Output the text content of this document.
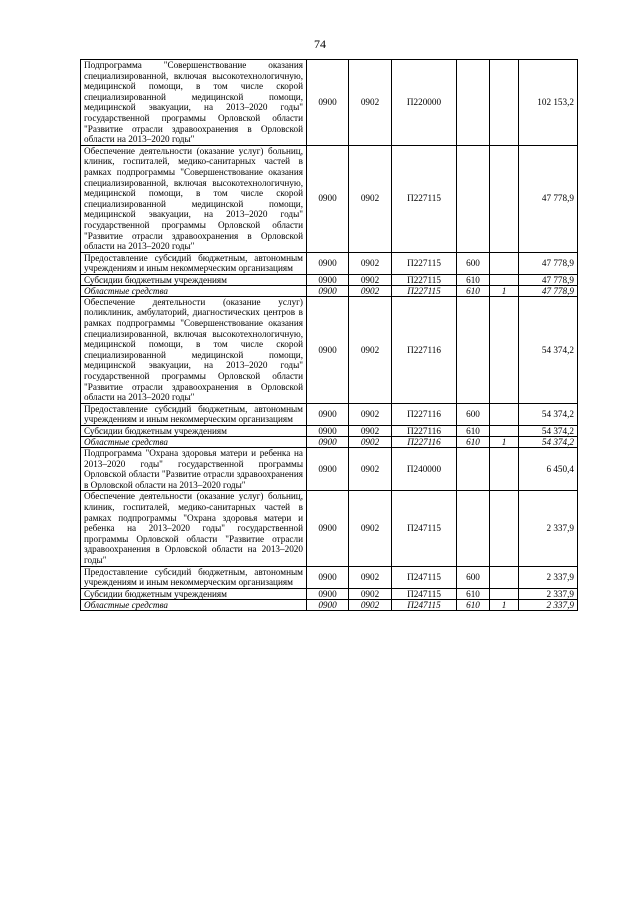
74
Подпрограмма "Совершенствование оказания специализированной, включая высокотехнологичную, медицинской помощи, в том числе скорой специализированной медицинской помощи, медицинской эвакуации, на 2013–2020 годы" государственной программы Орловской области "Развитие отрасли здравоохранения в Орловской области на 2013–2020 годы"	0900	0902	П220000			102 153,2
Обеспечение деятельности (оказание услуг) больниц, клиник, госпиталей, медико-санитарных частей в рамках подпрограммы "Совершенствование оказания специализированной, включая высокотехнологичную, медицинской помощи, в том числе скорой специализированной медицинской помощи, медицинской эвакуации, на 2013–2020 годы" государственной программы Орловской области "Развитие отрасли здравоохранения в Орловской области на 2013–2020 годы"	0900	0902	П227115			47 778,9
Предоставление субсидий бюджетным, автономным учреждениям и иным некоммерческим организациям	0900	0902	П227115	600		47 778,9
Субсидии бюджетным учреждениям	0900	0902	П227115	610		47 778,9
Областные средства	0900	0902	П227115	610	1	47 778,9
Обеспечение деятельности (оказание услуг) поликлиник, амбулаторий, диагностических центров в рамках подпрограммы "Совершенствование оказания специализированной, включая высокотехнологичную, медицинской помощи, в том числе скорой специализированной медицинской помощи, медицинской эвакуации, на 2013–2020 годы" государственной программы Орловской области "Развитие отрасли здравоохранения в Орловской области на 2013–2020 годы"	0900	0902	П227116			54 374,2
Предоставление субсидий бюджетным, автономным учреждениям и иным некоммерческим организациям	0900	0902	П227116	600		54 374,2
Субсидии бюджетным учреждениям	0900	0902	П227116	610		54 374,2
Областные средства	0900	0902	П227116	610	1	54 374,2
Подпрограмма "Охрана здоровья матери и ребенка на 2013–2020 годы" государственной программы Орловской области "Развитие отрасли здравоохранения в Орловской области на 2013–2020 годы"	0900	0902	П240000			6 450,4
Обеспечение деятельности (оказание услуг) больниц, клиник, госпиталей, медико-санитарных частей в рамках подпрограммы "Охрана здоровья матери и ребенка на 2013–2020 годы" государственной программы Орловской области "Развитие отрасли здравоохранения в Орловской области на 2013–2020 годы"	0900	0902	П247115			2 337,9
Предоставление субсидий бюджетным, автономным учреждениям и иным некоммерческим организациям	0900	0902	П247115	600		2 337,9
Субсидии бюджетным учреждениям	0900	0902	П247115	610		2 337,9
Областные средства	0900	0902	П247115	610	1	2 337,9
